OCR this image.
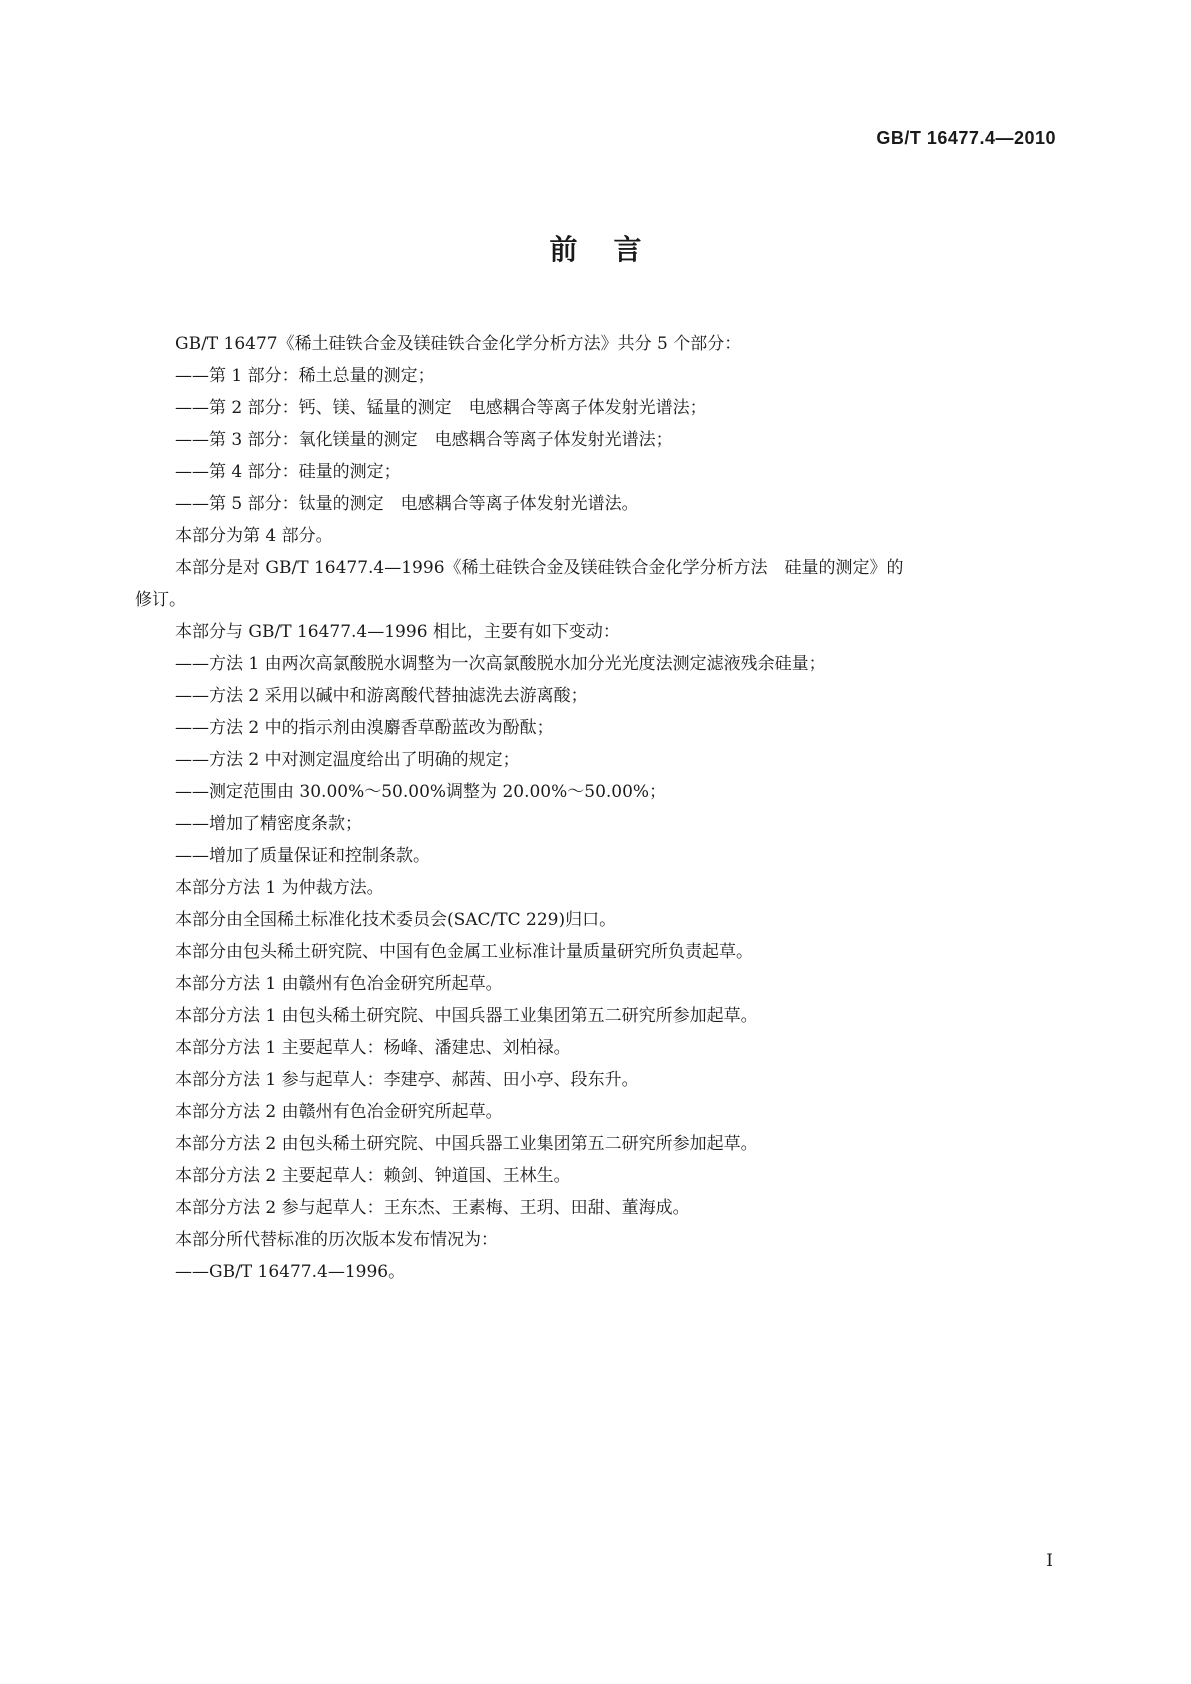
GB/T 16477.4—2010
前言
GB/T 16477《稀土硅铁合金及镁硅铁合金化学分析方法》共分 5 个部分：
——第 1 部分：稀土总量的测定；
——第 2 部分：钙、镁、锰量的测定　电感耦合等离子体发射光谱法；
——第 3 部分：氧化镁量的测定　电感耦合等离子体发射光谱法；
——第 4 部分：硅量的测定；
——第 5 部分：钛量的测定　电感耦合等离子体发射光谱法。
本部分为第 4 部分。
本部分是对 GB/T 16477.4—1996《稀土硅铁合金及镁硅铁合金化学分析方法　硅量的测定》的
修订。
本部分与 GB/T 16477.4—1996 相比，主要有如下变动：
——方法 1 由两次高氯酸脱水调整为一次高氯酸脱水加分光光度法测定滤液残余硅量；
——方法 2 采用以碱中和游离酸代替抽滤洗去游离酸；
——方法 2 中的指示剂由溴麝香草酚蓝改为酚酞；
——方法 2 中对测定温度给出了明确的规定；
——测定范围由 30.00%～50.00%调整为 20.00%～50.00%；
——增加了精密度条款；
——增加了质量保证和控制条款。
本部分方法 1 为仲裁方法。
本部分由全国稀土标准化技术委员会(SAC/TC 229)归口。
本部分由包头稀土研究院、中国有色金属工业标准计量质量研究所负责起草。
本部分方法 1 由赣州有色冶金研究所起草。
本部分方法 1 由包头稀土研究院、中国兵器工业集团第五二研究所参加起草。
本部分方法 1 主要起草人：杨峰、潘建忠、刘柏禄。
本部分方法 1 参与起草人：李建亭、郝茜、田小亭、段东升。
本部分方法 2 由赣州有色冶金研究所起草。
本部分方法 2 由包头稀土研究院、中国兵器工业集团第五二研究所参加起草。
本部分方法 2 主要起草人：赖剑、钟道国、王林生。
本部分方法 2 参与起草人：王东杰、王素梅、王玥、田甜、董海成。
本部分所代替标准的历次版本发布情况为：
——GB/T 16477.4—1996。
I
